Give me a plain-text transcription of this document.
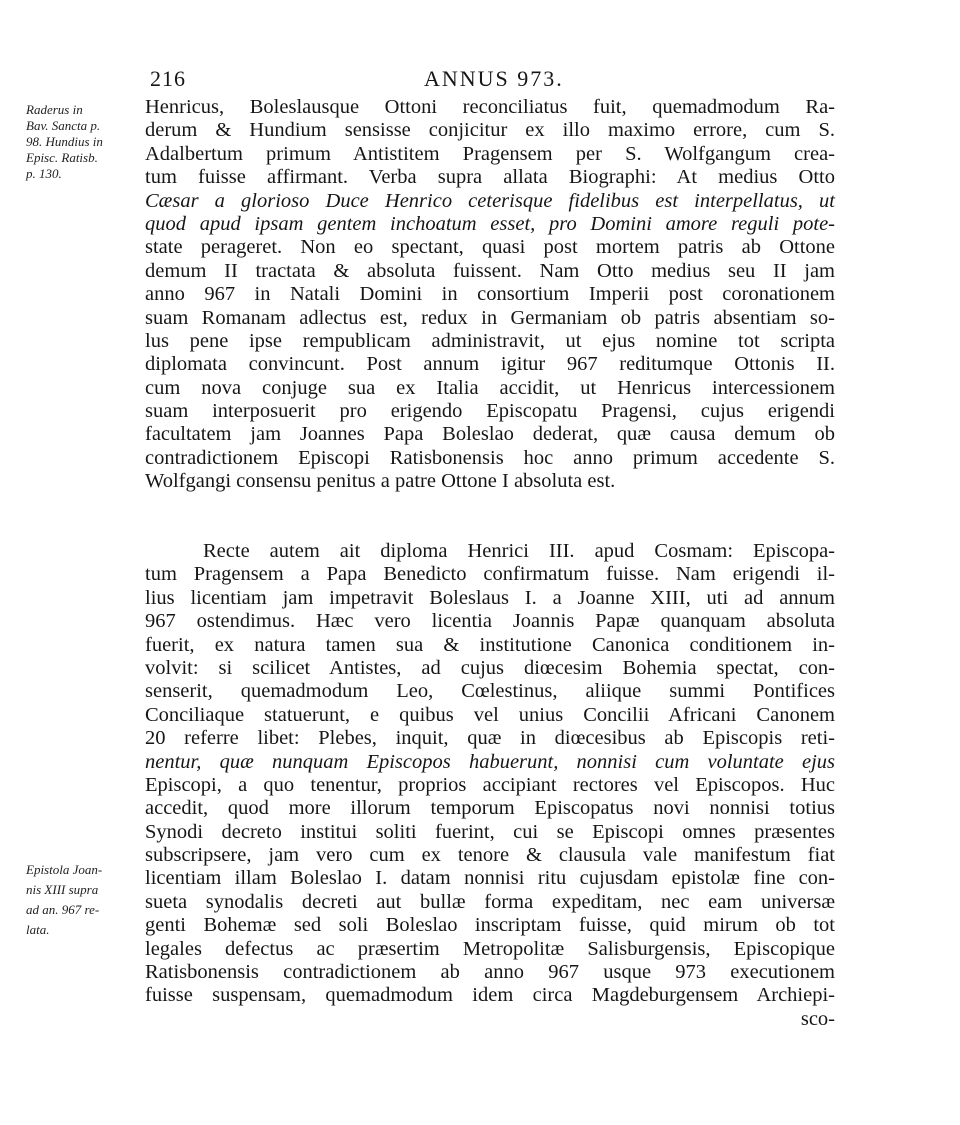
216	ANNUS 973.
Raderus in
Bav. Sancta p.
98. Hundius in
Episc. Ratisb.
p. 130.
Epistola Joan-
nis XIII supra
ad an. 967 re-
lata.
Henricus, Boleslausque Ottoni reconciliatus fuit, quemadmodum Ra-
derum & Hundium sensisse conjicitur ex illo maximo errore, cum S.
Adalbertum primum Antistitem Pragensem per S. Wolfgangum crea-
tum fuisse affirmant. Verba supra allata Biographi: At medius Otto
Cæsar a glorioso Duce Henrico ceterisque fidelibus est interpellatus, ut
quod apud ipsam gentem inchoatum esset, pro Domini amore reguli pote-
state perageret. Non eo spectant, quasi post mortem patris ab Ottone
demum II tractata & absoluta fuissent. Nam Otto medius seu II jam
anno 967 in Natali Domini in consortium Imperii post coronationem
suam Romanam adlectus est, redux in Germaniam ob patris absentiam so-
lus pene ipse rempublicam administravit, ut ejus nomine tot scripta
diplomata convincunt. Post annum igitur 967 reditumque Ottonis II.
cum nova conjuge sua ex Italia accidit, ut Henricus intercessionem
suam interposuerit pro erigendo Episcopatu Pragensi, cujus erigendi
facultatem jam Joannes Papa Boleslao dederat, quæ causa demum ob
contradictionem Episcopi Ratisbonensis hoc anno primum accedente S.
Wolfgangi consensu penitus a patre Ottone I absoluta est.
Recte autem ait diploma Henrici III. apud Cosmam: Episcopa-
tum Pragensem a Papa Benedicto confirmatum fuisse. Nam erigendi il-
lius licentiam jam impetravit Boleslaus I. a Joanne XIII, uti ad annum
967 ostendimus. Hæc vero licentia Joannis Papæ quanquam absoluta
fuerit, ex natura tamen sua & institutione Canonica conditionem in-
volvit: si scilicet Antistes, ad cujus diœcesim Bohemia spectat, con-
senserit, quemadmodum Leo, Cœlestinus, aliique summi Pontifices
Conciliaque statuerunt, e quibus vel unius Concilii Africani Canonem
20 referre libet: Plebes, inquit, quæ in diœcesibus ab Episcopis reti-
nentur, quæ nunquam Episcopos habuerunt, nonnisi cum voluntate ejus
Episcopi, a quo tenentur, proprios accipiant rectores vel Episcopos. Huc
accedit, quod more illorum temporum Episcopatus novi nonnisi totius
Synodi decreto institui soliti fuerint, cui se Episcopi omnes præsentes
subscripsere, jam vero cum ex tenore & clausula vale manifestum fiat
licentiam illam Boleslao I. datam nonnisi ritu cujusdam epistolæ fine con-
sueta synodalis decreti aut bullæ forma expeditam, nec eam universæ
genti Bohemæ sed soli Boleslao inscriptam fuisse, quid mirum ob tot
legales defectus ac præsertim Metropolitæ Salisburgensis, Episcopique
Ratisbonensis contradictionem ab anno 967 usque 973 executionem
fuisse suspensam, quemadmodum idem circa Magdeburgensem Archiepi-
sco-
